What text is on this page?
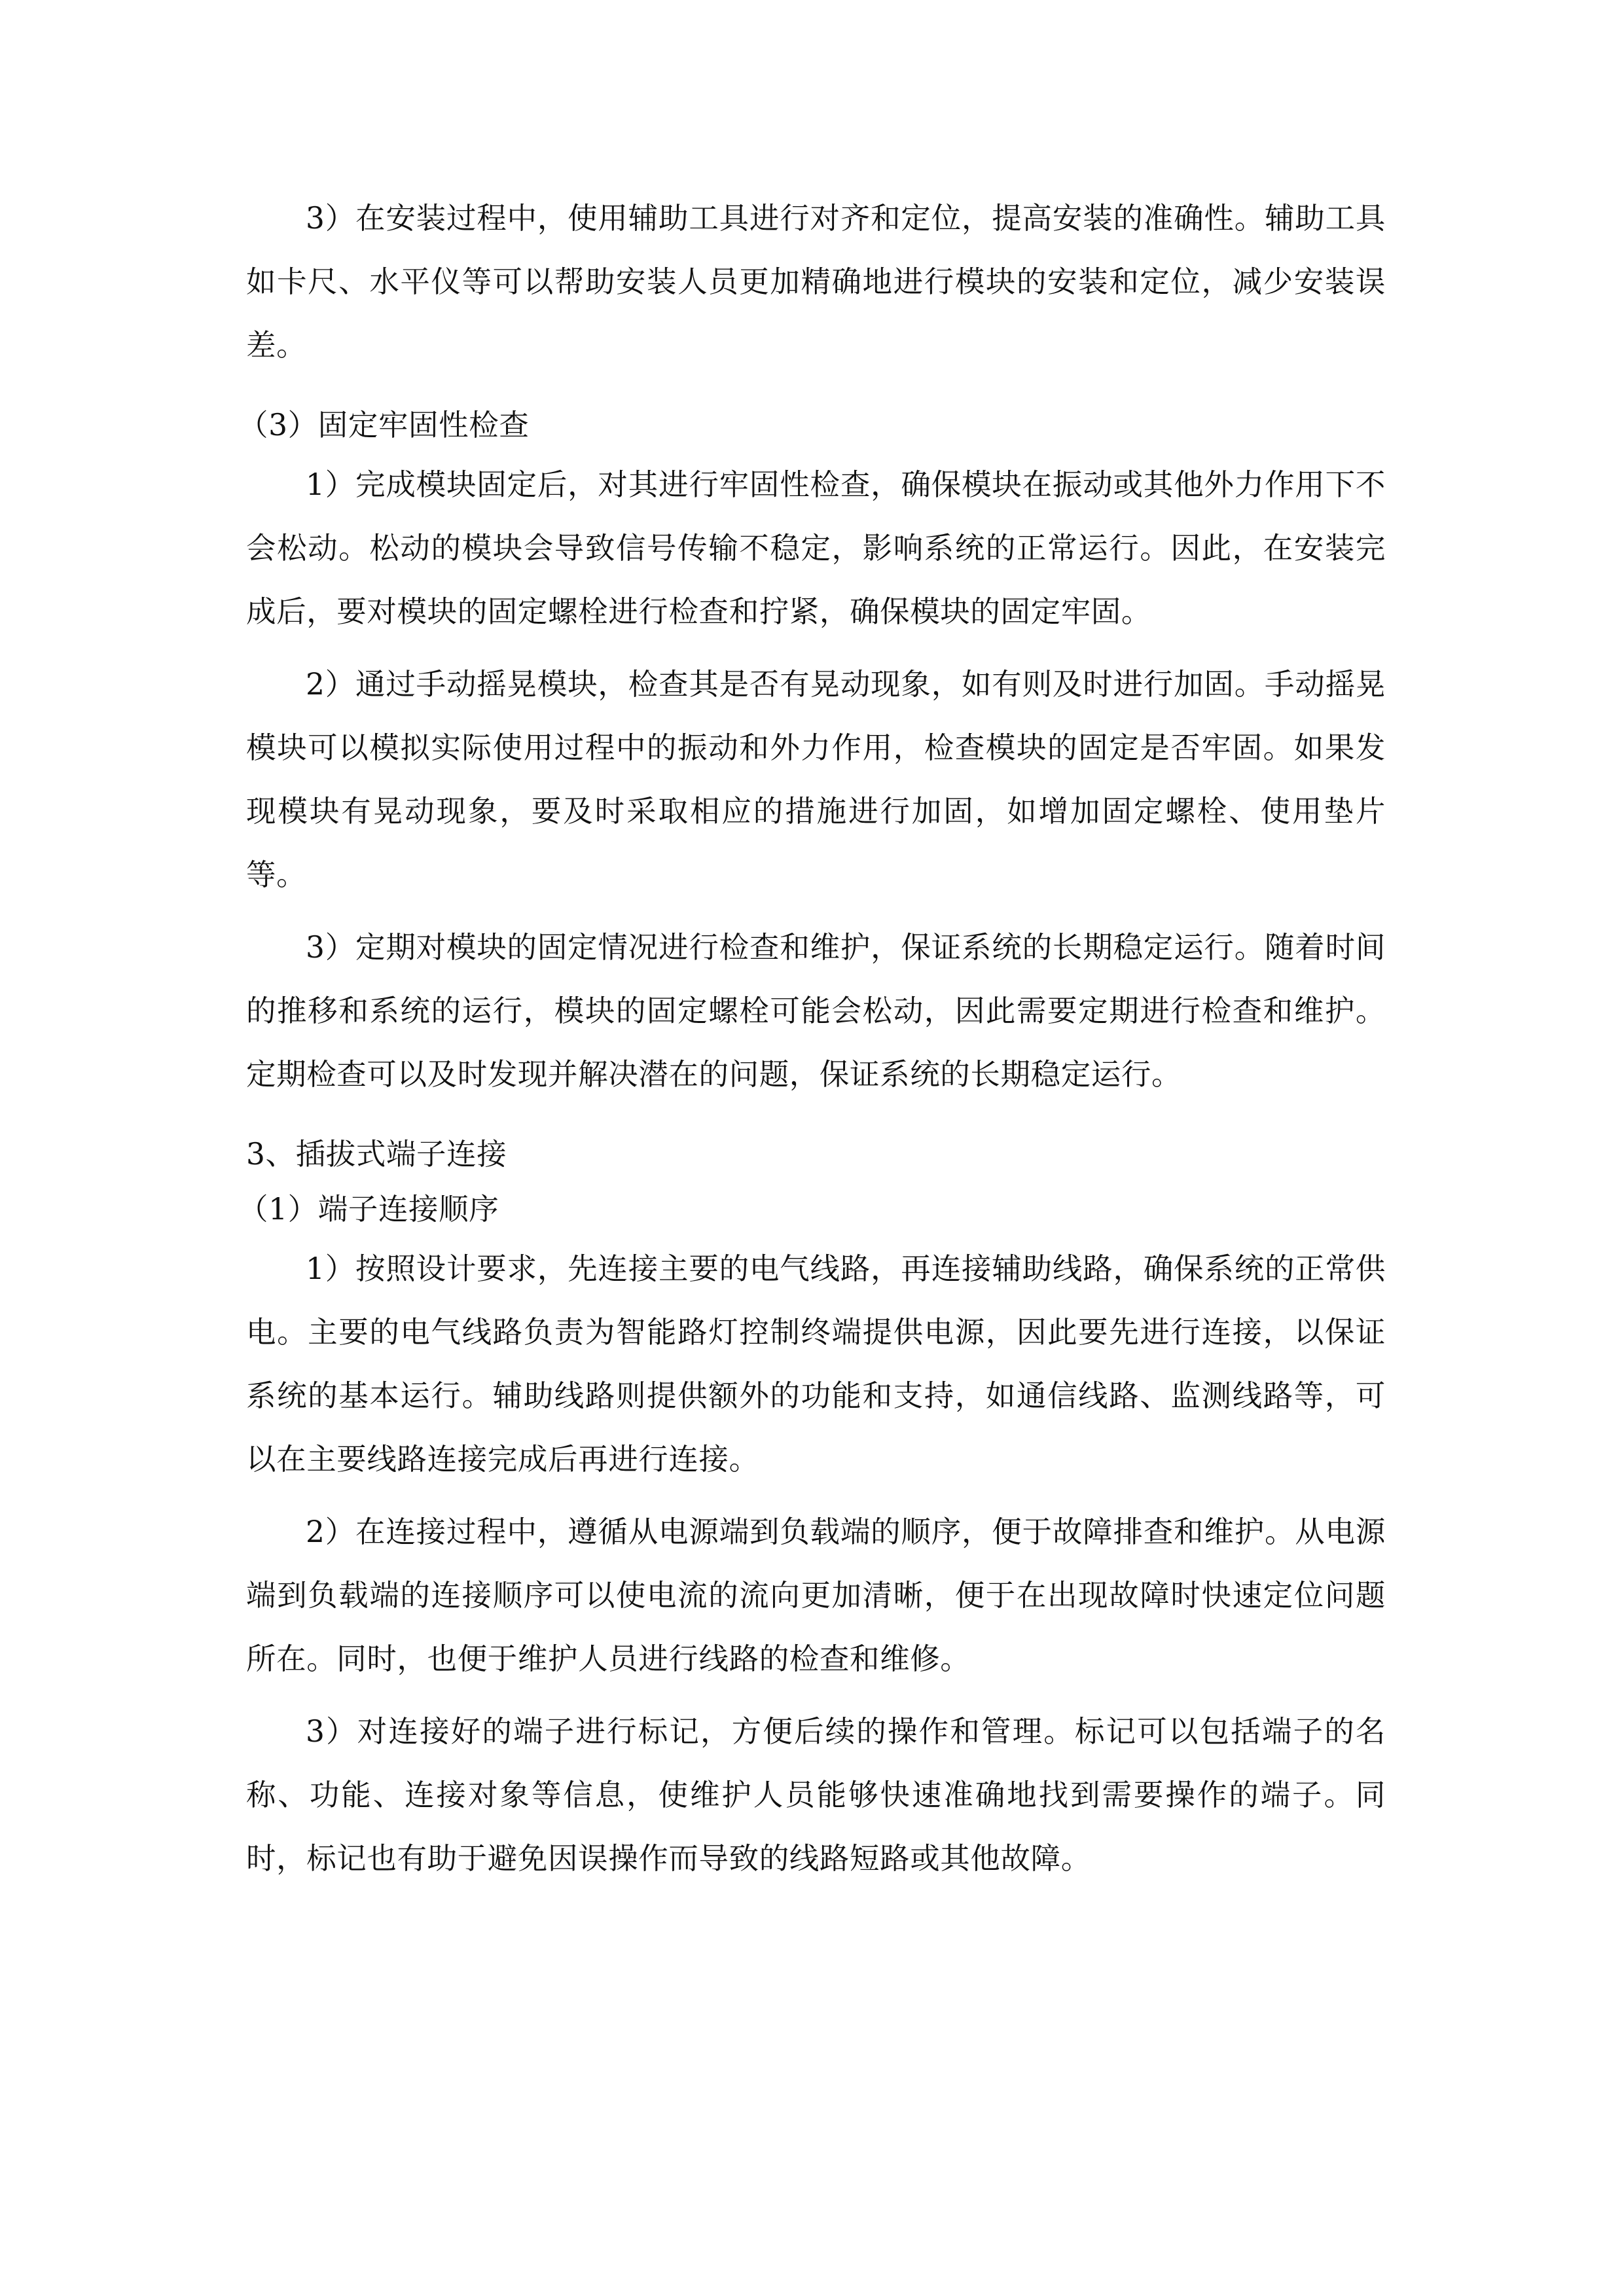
3）在安装过程中，使用辅助工具进行对齐和定位，提高安装的准确性。辅助工具如卡尺、水平仪等可以帮助安装人员更加精确地进行模块的安装和定位，减少安装误差。

（3）固定牢固性检查

1）完成模块固定后，对其进行牢固性检查，确保模块在振动或其他外力作用下不会松动。松动的模块会导致信号传输不稳定，影响系统的正常运行。因此，在安装完成后，要对模块的固定螺栓进行检查和拧紧，确保模块的固定牢固。

2）通过手动摇晃模块，检查其是否有晃动现象，如有则及时进行加固。手动摇晃模块可以模拟实际使用过程中的振动和外力作用，检查模块的固定是否牢固。如果发现模块有晃动现象，要及时采取相应的措施进行加固，如增加固定螺栓、使用垫片等。

3）定期对模块的固定情况进行检查和维护，保证系统的长期稳定运行。随着时间的推移和系统的运行，模块的固定螺栓可能会松动，因此需要定期进行检查和维护。定期检查可以及时发现并解决潜在的问题，保证系统的长期稳定运行。

3、插拔式端子连接

（1）端子连接顺序

1）按照设计要求，先连接主要的电气线路，再连接辅助线路，确保系统的正常供电。主要的电气线路负责为智能路灯控制终端提供电源，因此要先进行连接，以保证系统的基本运行。辅助线路则提供额外的功能和支持，如通信线路、监测线路等，可以在主要线路连接完成后再进行连接。

2）在连接过程中，遵循从电源端到负载端的顺序，便于故障排查和维护。从电源端到负载端的连接顺序可以使电流的流向更加清晰，便于在出现故障时快速定位问题所在。同时，也便于维护人员进行线路的检查和维修。

3）对连接好的端子进行标记，方便后续的操作和管理。标记可以包括端子的名称、功能、连接对象等信息，使维护人员能够快速准确地找到需要操作的端子。同时，标记也有助于避免因误操作而导致的线路短路或其他故障。
